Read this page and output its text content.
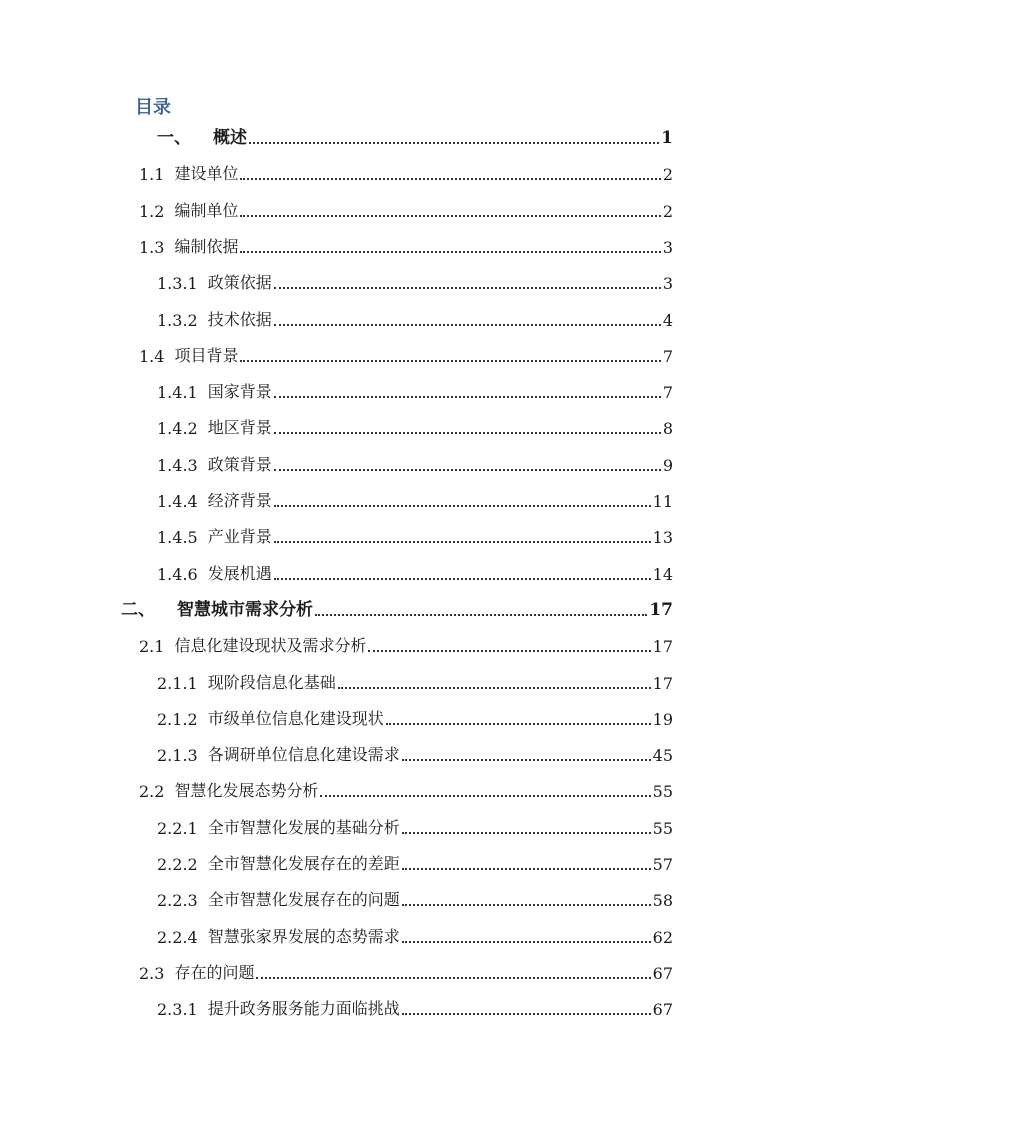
目录
一、 概述	1
1.1 建设单位	2
1.2 编制单位	2
1.3 编制依据	3
1.3.1 政策依据	3
1.3.2 技术依据	4
1.4 项目背景	7
1.4.1 国家背景	7
1.4.2 地区背景	8
1.4.3 政策背景	9
1.4.4 经济背景	11
1.4.5 产业背景	13
1.4.6 发展机遇	14
二、 智慧城市需求分析	17
2.1 信息化建设现状及需求分析	17
2.1.1 现阶段信息化基础	17
2.1.2 市级单位信息化建设现状	19
2.1.3 各调研单位信息化建设需求	45
2.2 智慧化发展态势分析	55
2.2.1 全市智慧化发展的基础分析	55
2.2.2 全市智慧化发展存在的差距	57
2.2.3 全市智慧化发展存在的问题	58
2.2.4 智慧张家界发展的态势需求	62
2.3 存在的问题	67
2.3.1 提升政务服务能力面临挑战	67
